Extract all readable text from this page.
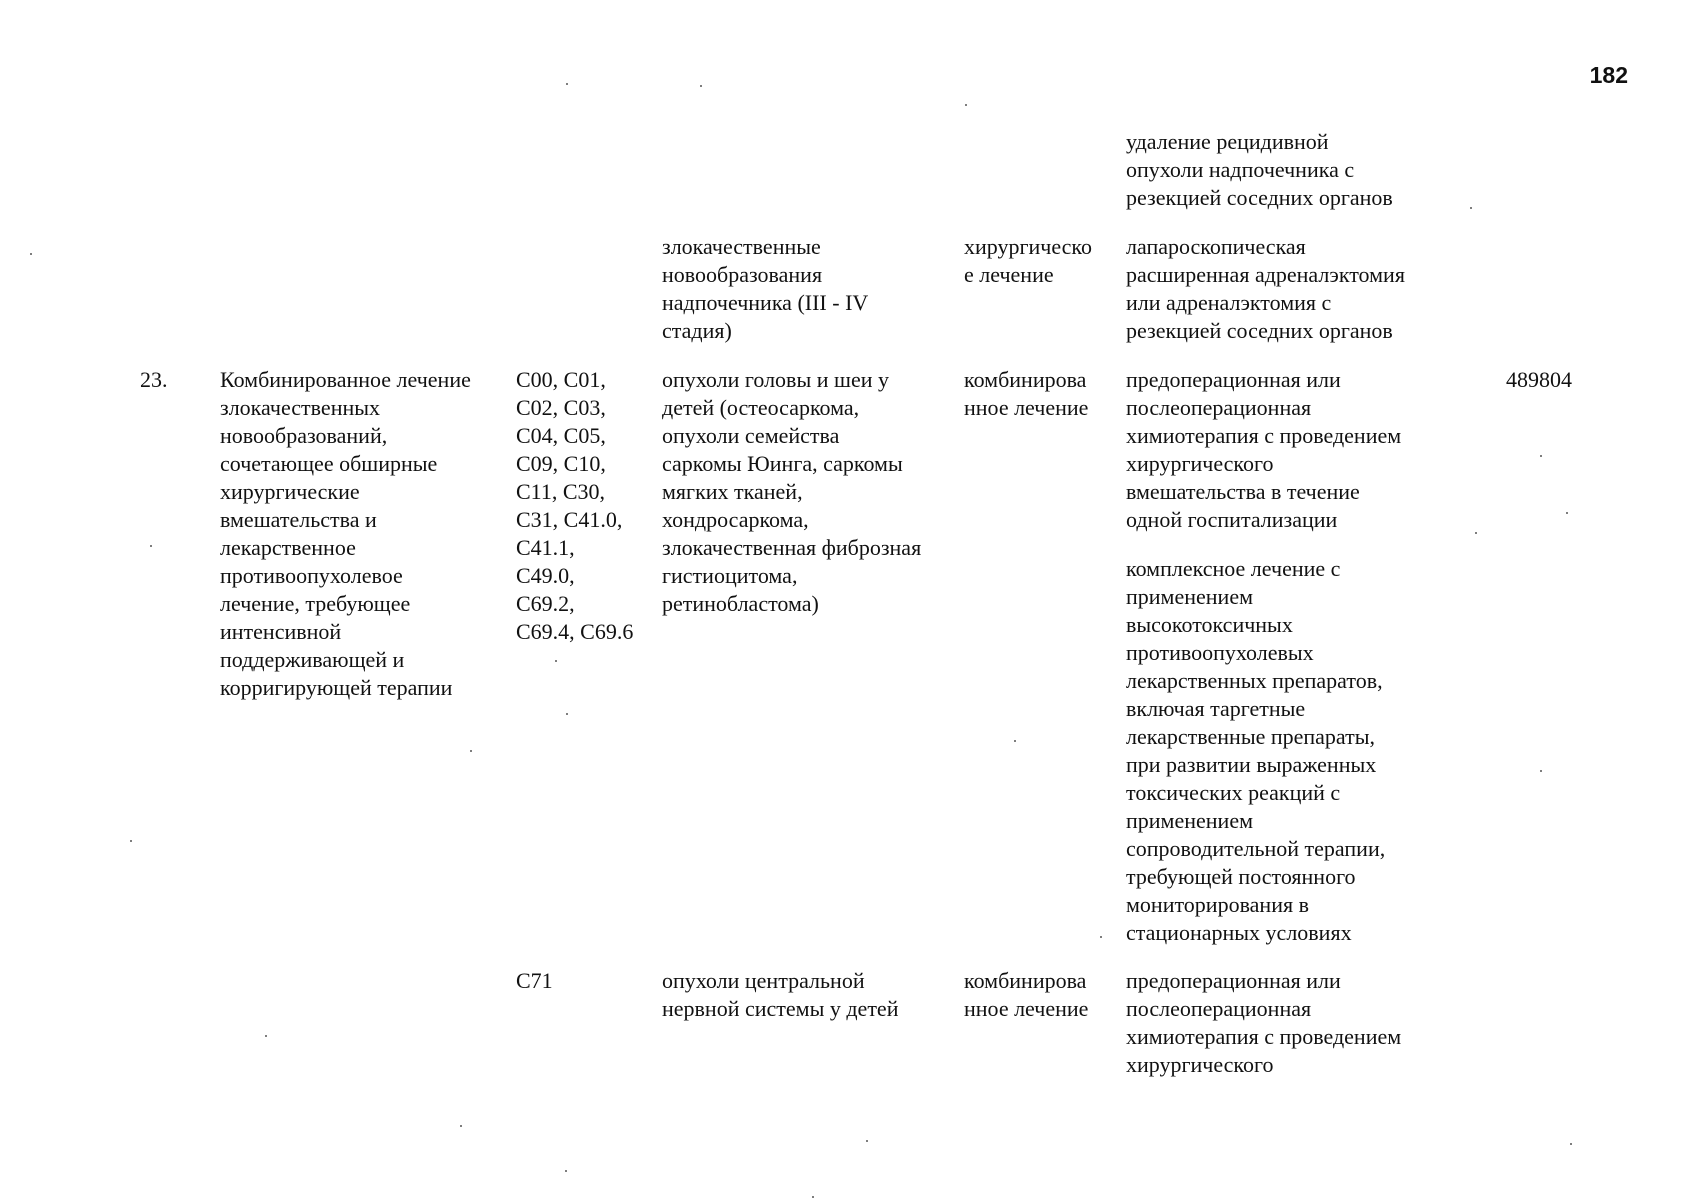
182
удаление рецидивной
опухоли надпочечника с
резекцией соседних органов
злокачественные
новообразования
надпочечника (III - IV
стадия)
хирургическо
е лечение
лапароскопическая
расширенная адреналэктомия
или адреналэктомия с
резекцией соседних органов
23.	Комбинированное лечение
злокачественных
новообразований,
сочетающее обширные
хирургические
вмешательства и
лекарственное
противоопухолевое
лечение, требующее
интенсивной
поддерживающей и
корригирующей терапии
C00, C01,
C02, C03,
C04, C05,
C09, C10,
C11, C30,
C31, C41.0,
C41.1,
C49.0,
C69.2,
C69.4, C69.6
опухоли головы и шеи у
детей (остеосаркома,
опухоли семейства
саркомы Юинга, саркомы
мягких тканей,
хондросаркома,
злокачественная фиброзная
гистиоцитома,
ретинобластома)
комбинирова
нное лечение
предоперационная или
послеоперационная
химиотерапия с проведением
хирургического
вмешательства в течение
одной госпитализации
комплексное лечение с
применением
высокотоксичных
противоопухолевых
лекарственных препаратов,
включая таргетные
лекарственные препараты,
при развитии выраженных
токсических реакций с
применением
сопроводительной терапии,
требующей постоянного
мониторирования в
стационарных условиях
489804
C71	опухоли центральной
нервной системы у детей
комбинирова
нное лечение
предоперационная или
послеоперационная
химиотерапия с проведением
хирургического
